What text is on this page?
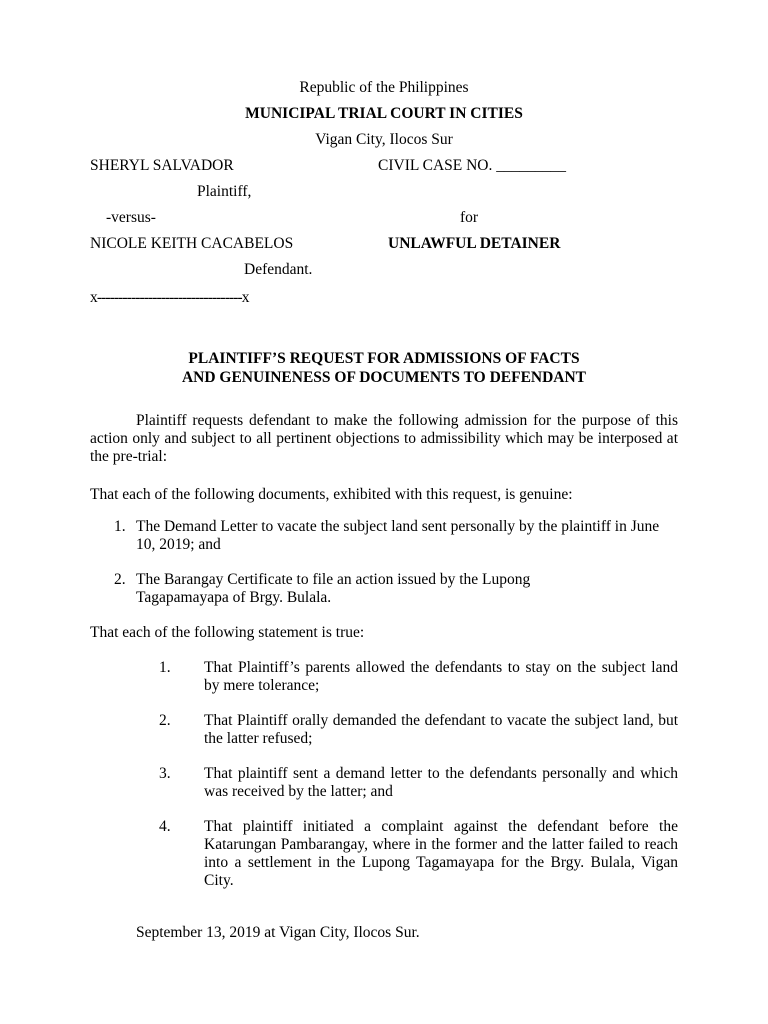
Republic of the Philippines
MUNICIPAL TRIAL COURT IN CITIES
Vigan City, Ilocos Sur
SHERYL SALVADOR	CIVIL CASE NO. _________
Plaintiff,
-versus-	for
NICOLE KEITH CACABELOS	UNLAWFUL DETAINER
Defendant.
x----------------------------------x
PLAINTIFF’S REQUEST FOR ADMISSIONS OF FACTS
AND GENUINENESS OF DOCUMENTS TO DEFENDANT
Plaintiff requests defendant to make the following admission for the purpose of this action only and subject to all pertinent objections to admissibility which may be interposed at the pre-trial:
That each of the following documents, exhibited with this request, is genuine:
1. The Demand Letter to vacate the subject land sent personally by the plaintiff in June 10, 2019; and
2. The Barangay Certificate to file an action issued by the Lupong Tagapamayapa of Brgy. Bulala.
That each of the following statement is true:
1. That Plaintiff’s parents allowed the defendants to stay on the subject land by mere tolerance;
2. That Plaintiff orally demanded the defendant to vacate the subject land, but the latter refused;
3. That plaintiff sent a demand letter to the defendants personally and which was received by the latter; and
4. That plaintiff initiated a complaint against the defendant before the Katarungan Pambarangay, where in the former and the latter failed to reach into a settlement in the Lupong Tagamayapa for the Brgy. Bulala, Vigan City.
September 13, 2019 at Vigan City, Ilocos Sur.
